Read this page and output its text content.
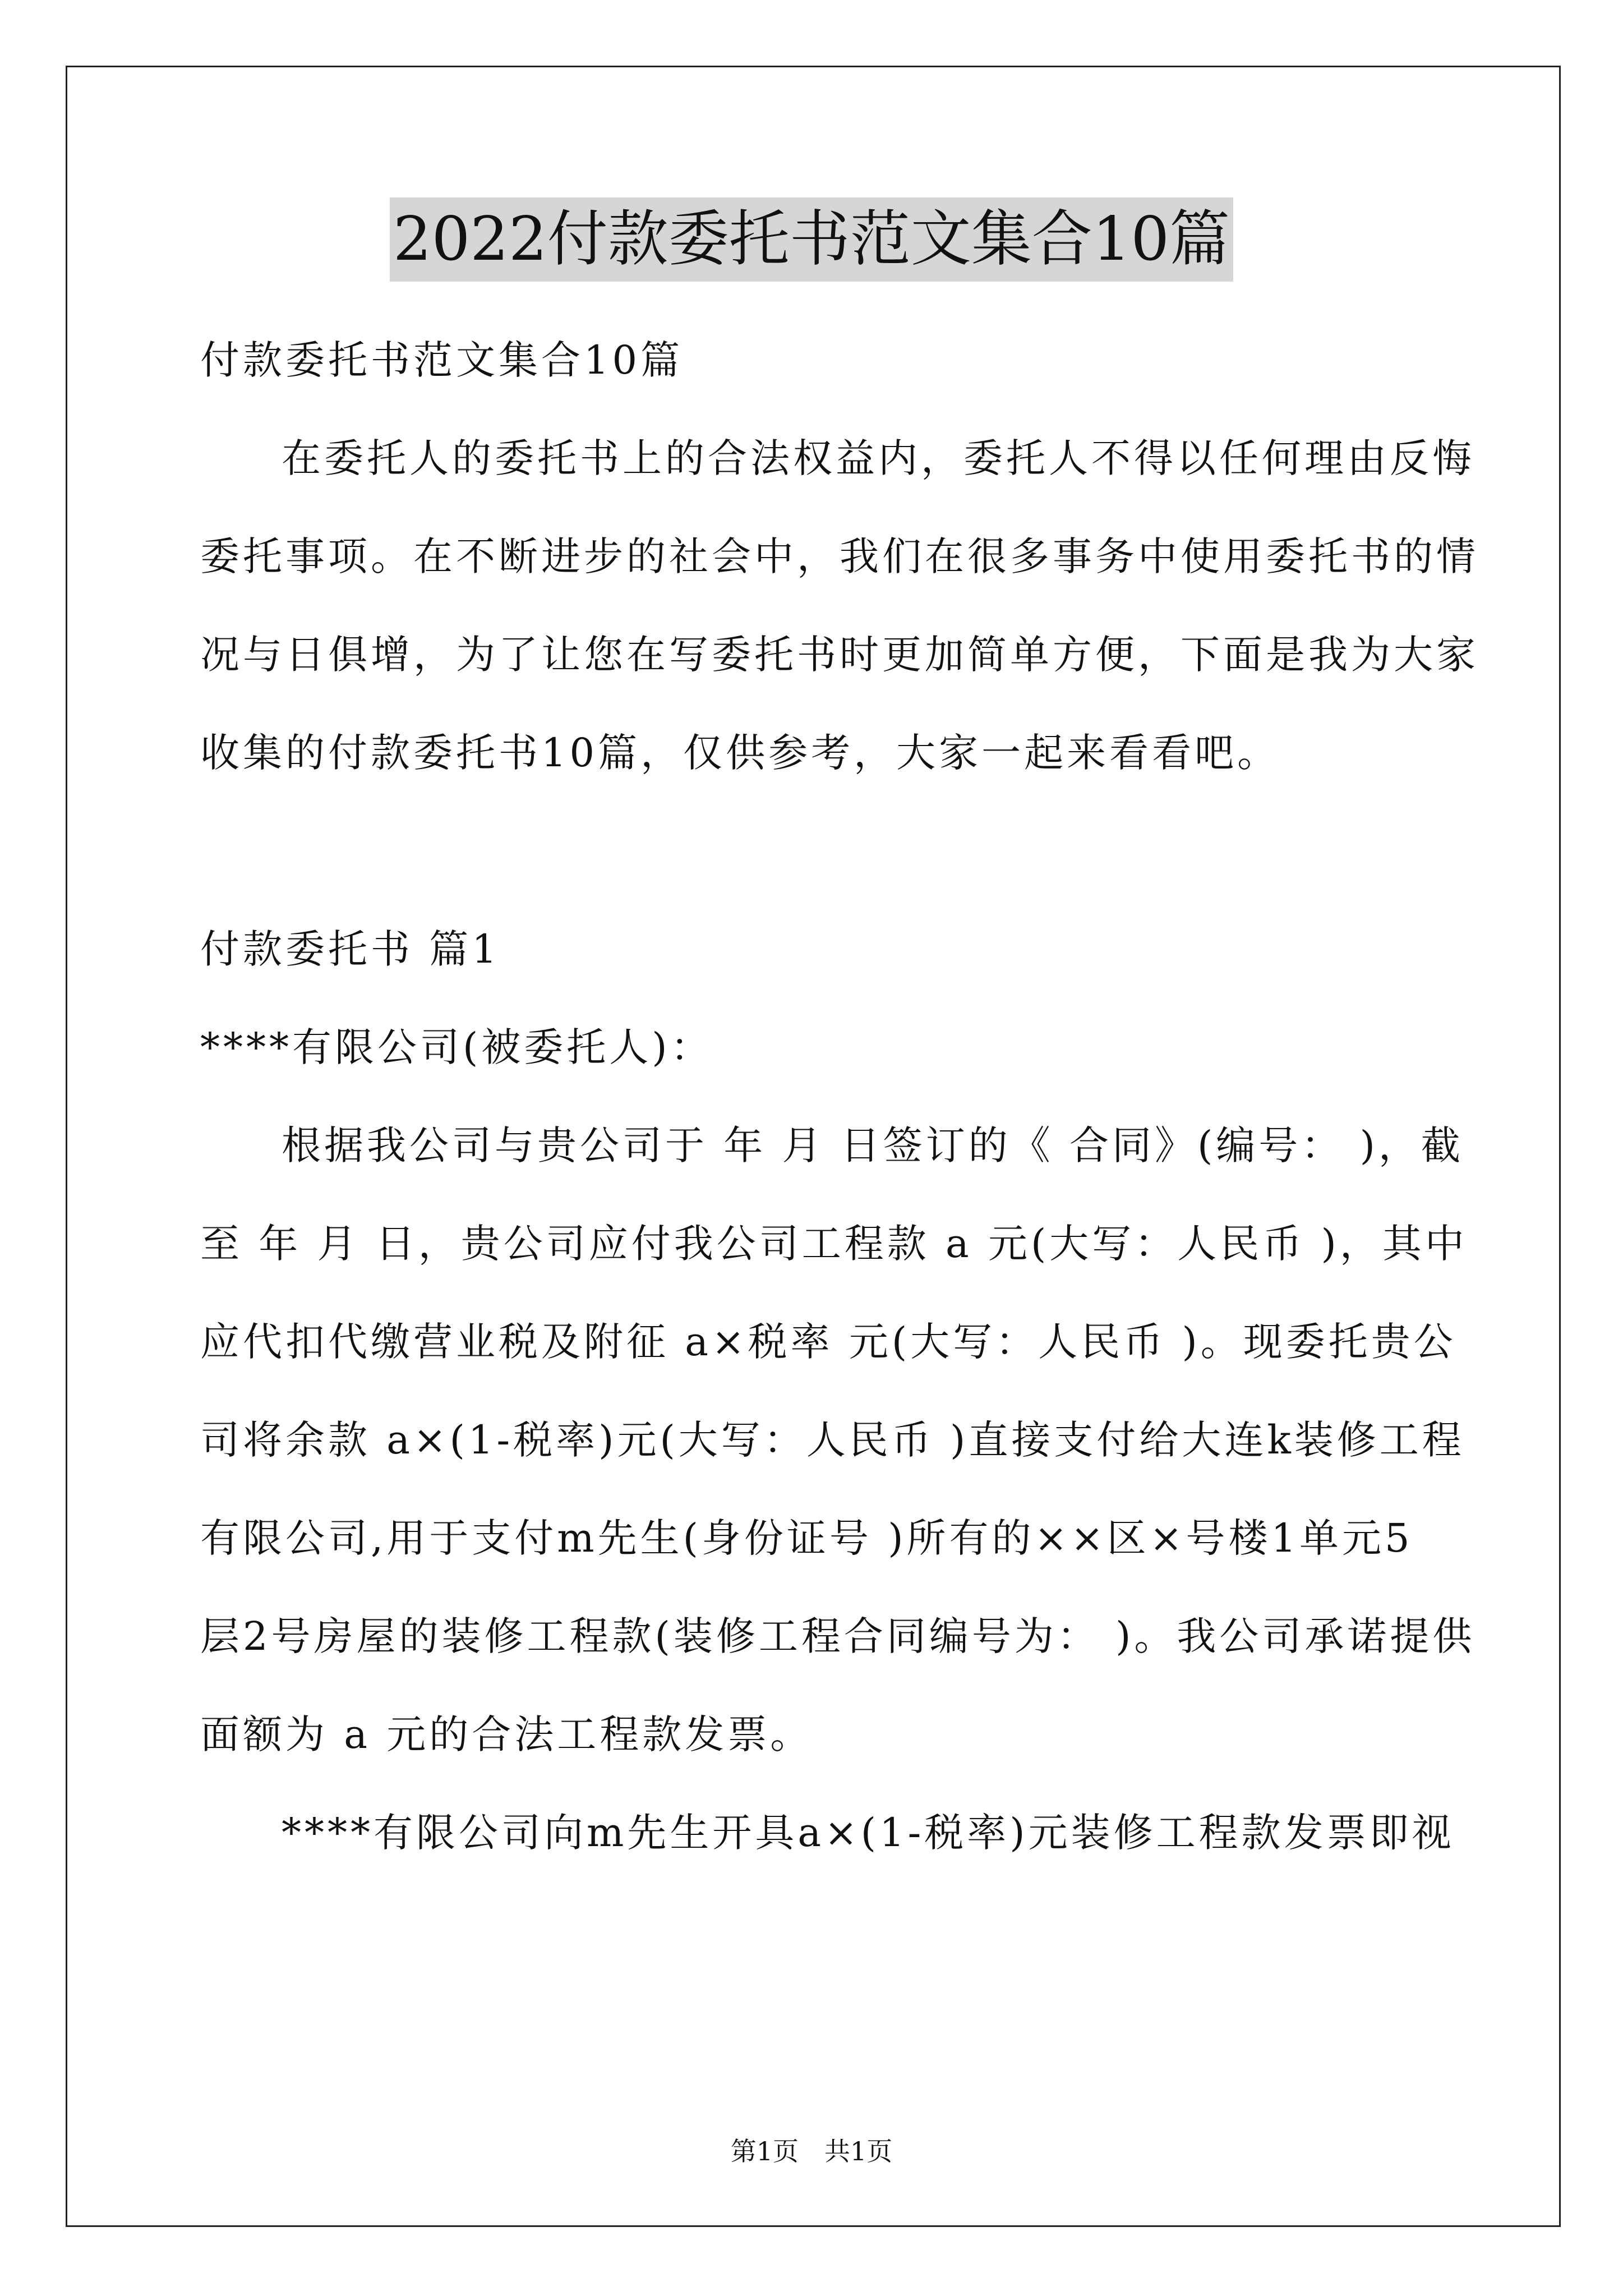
2022付款委托书范文集合10篇
付款委托书范文集合10篇
在委托人的委托书上的合法权益内，委托人不得以任何理由反悔
委托事项。在不断进步的社会中，我们在很多事务中使用委托书的情
况与日俱增，为了让您在写委托书时更加简单方便，下面是我为大家
收集的付款委托书10篇，仅供参考，大家一起来看看吧。
付款委托书 篇1
****有限公司(被委托人)：
根据我公司与贵公司于 年 月 日签订的《 合同》(编号： )，截
至 年 月 日，贵公司应付我公司工程款 a 元(大写：人民币 )，其中
应代扣代缴营业税及附征 a×税率 元(大写：人民币 )。现委托贵公
司将余款 a×(1-税率)元(大写：人民币 )直接支付给大连k装修工程
有限公司,用于支付m先生(身份证号 )所有的××区×号楼1单元5
层2号房屋的装修工程款(装修工程合同编号为： )。我公司承诺提供
面额为 a 元的合法工程款发票。
****有限公司向m先生开具a×(1-税率)元装修工程款发票即视
第1页　共1页
